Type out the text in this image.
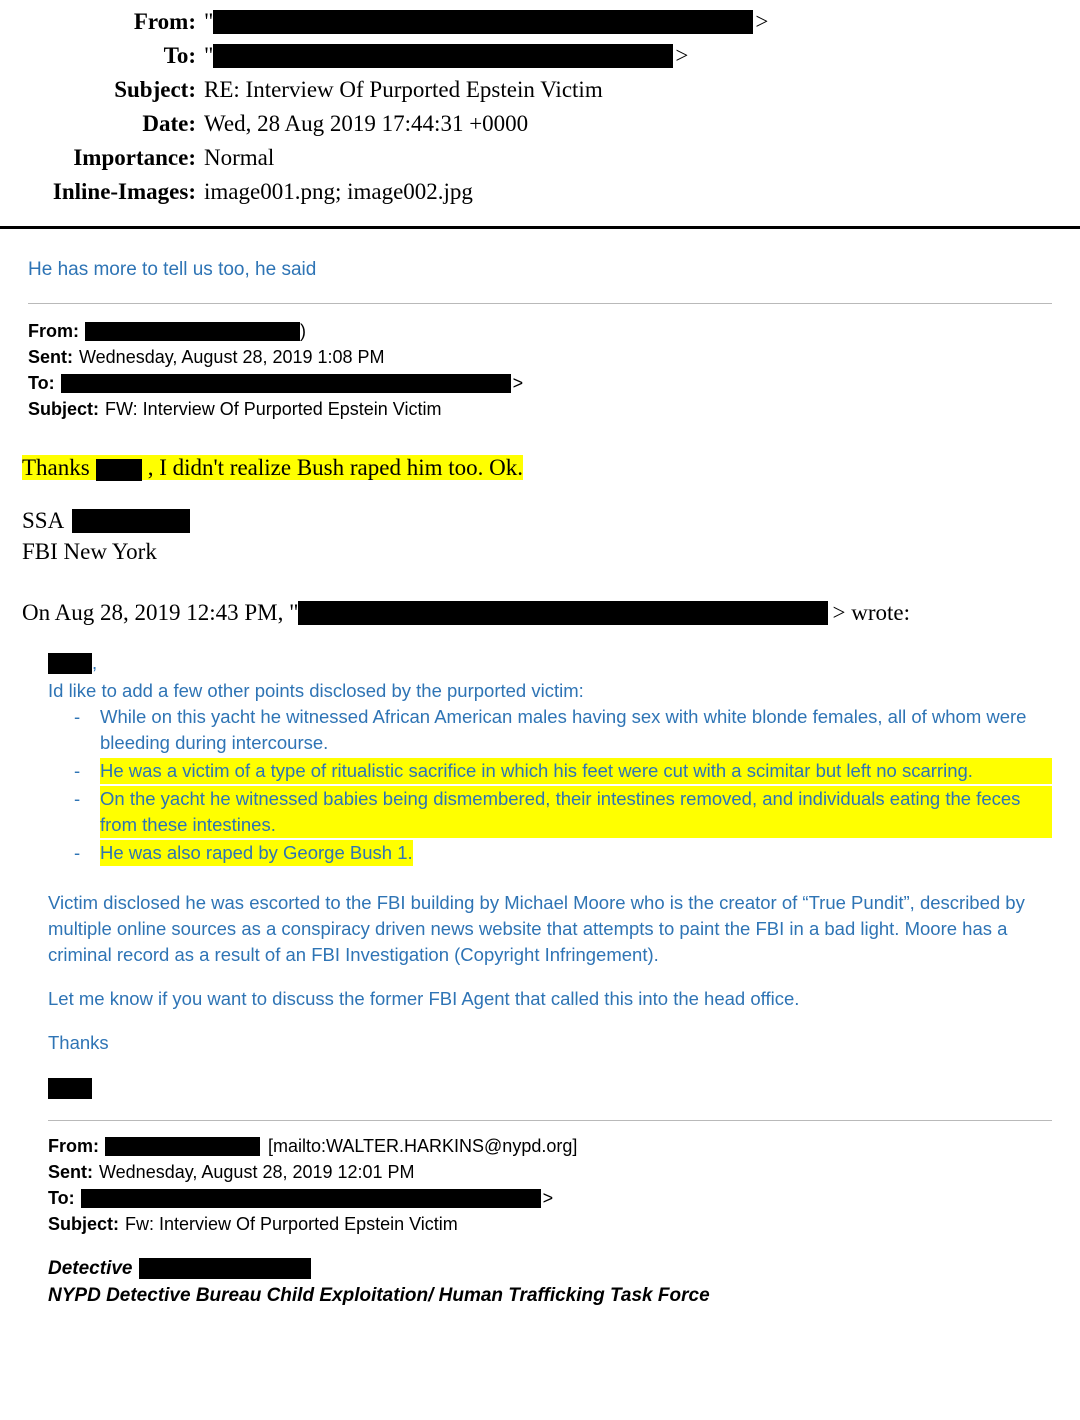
From: "	>
To: "	>
Subject: RE: Interview Of Purported Epstein Victim
Date: Wed, 28 Aug 2019 17:44:31 +0000
Importance: Normal
Inline-Images: image001.png; image002.jpg
He has more to tell us too, he said
From:	)
Sent: Wednesday, August 28, 2019 1:08 PM
To:	>
Subject: FW: Interview Of Purported Epstein Victim
Thanks	, I didn't realize Bush raped him too. Ok.
SSA
FBI New York
On Aug 28, 2019 12:43 PM, "	> wrote:
,
Id like to add a few other points disclosed by the purported victim:
-	While on this yacht he witnessed African American males having sex with white blonde females, all of whom were bleeding during intercourse.
-	He was a victim of a type of ritualistic sacrifice in which his feet were cut with a scimitar but left no scarring.
-	On the yacht he witnessed babies being dismembered, their intestines removed, and individuals eating the feces from these intestines.
-	He was also raped by George Bush 1.

Victim disclosed he was escorted to the FBI building by Michael Moore who is the creator of “True Pundit”, described by multiple online sources as a conspiracy driven news website that attempts to paint the FBI in a bad light. Moore has a criminal record as a result of an FBI Investigation (Copyright Infringement).

Let me know if you want to discuss the former FBI Agent that called this into the head office.

Thanks

From:	[mailto:WALTER.HARKINS@nypd.org]
Sent: Wednesday, August 28, 2019 12:01 PM
To:	>
Subject: Fw: Interview Of Purported Epstein Victim
Detective
NYPD Detective Bureau Child Exploitation/ Human Trafficking Task Force
